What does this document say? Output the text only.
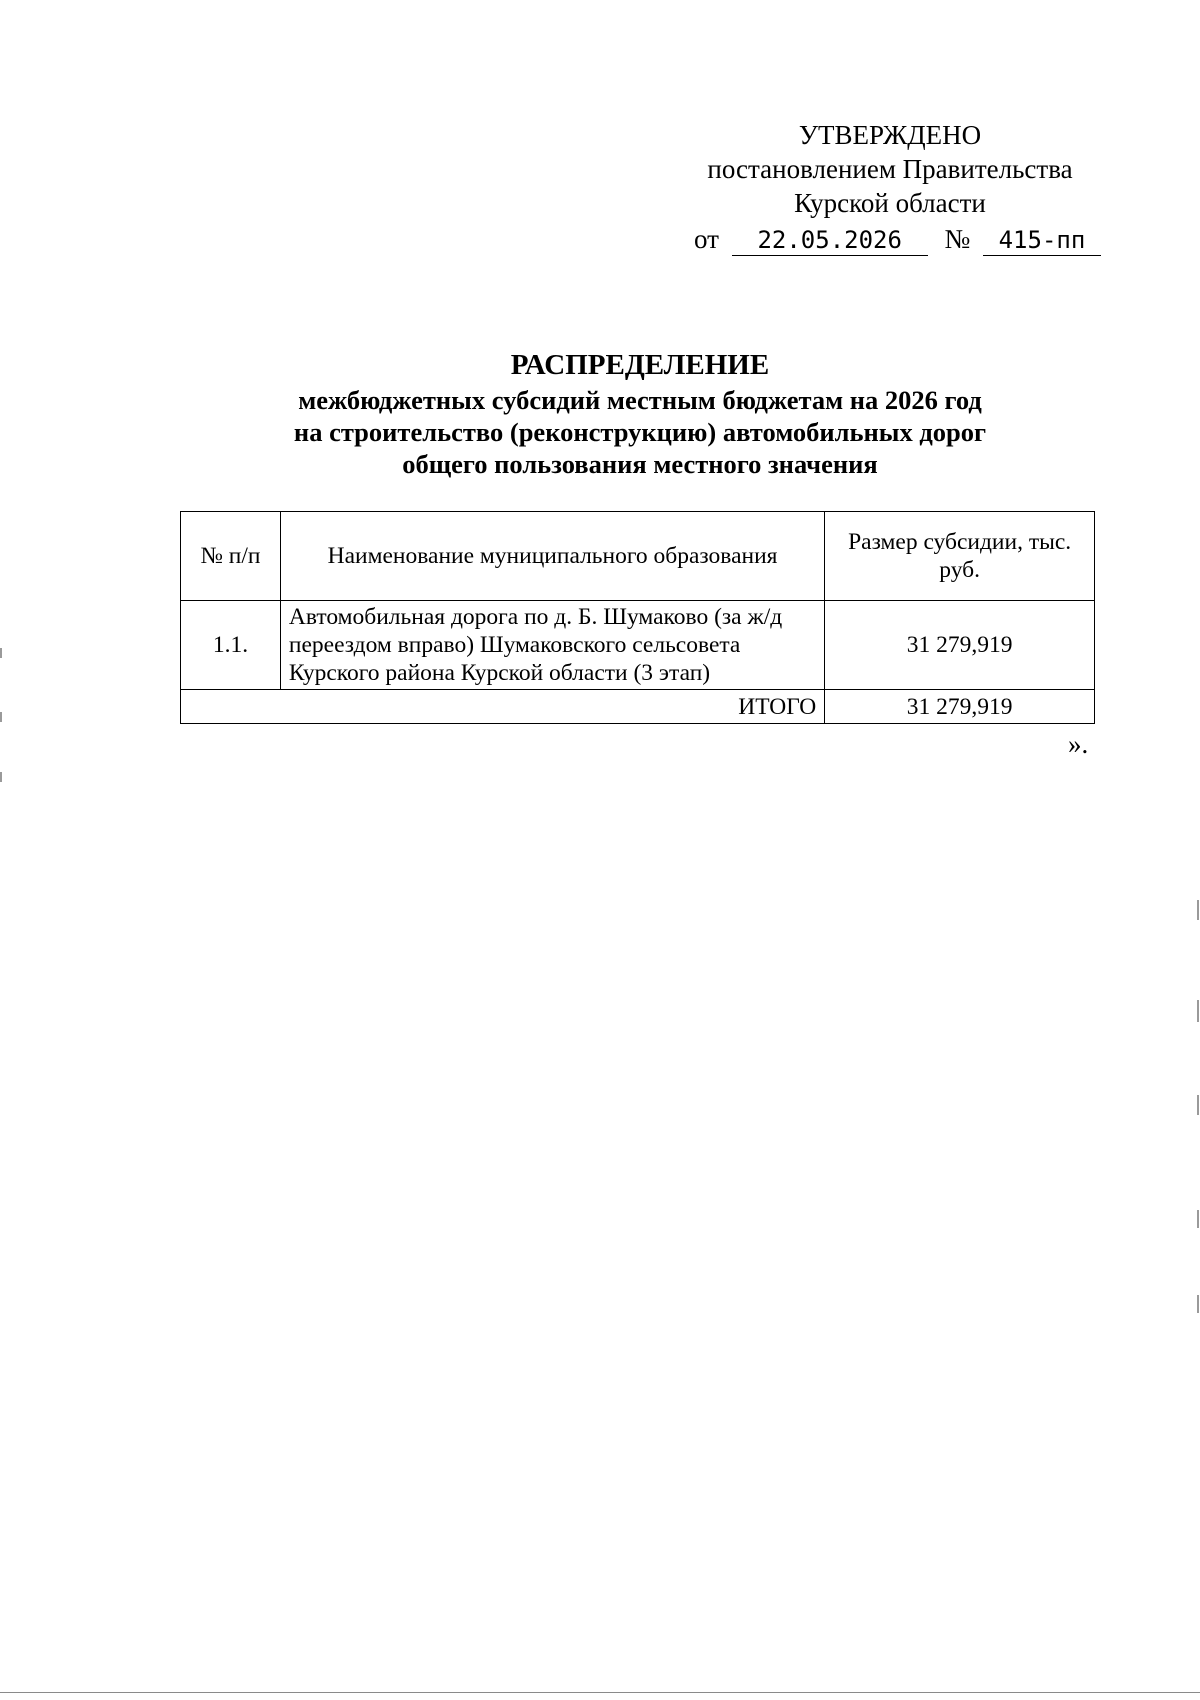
УТВЕРЖДЕНО
постановлением Правительства
Курской области
от 22.05.2026 № 415-пп
РАСПРЕДЕЛЕНИЕ
межбюджетных субсидий местным бюджетам на 2026 год
на строительство (реконструкцию) автомобильных дорог
общего пользования местного значения
№ п/п	Наименование муниципального образования	Размер субсидии, тыс. руб.
1.1.	Автомобильная дорога по д. Б. Шумаково (за ж/д переездом вправо) Шумаковского сельсовета Курского района Курской области (3 этап)	31 279,919
ИТОГО		31 279,919
».
